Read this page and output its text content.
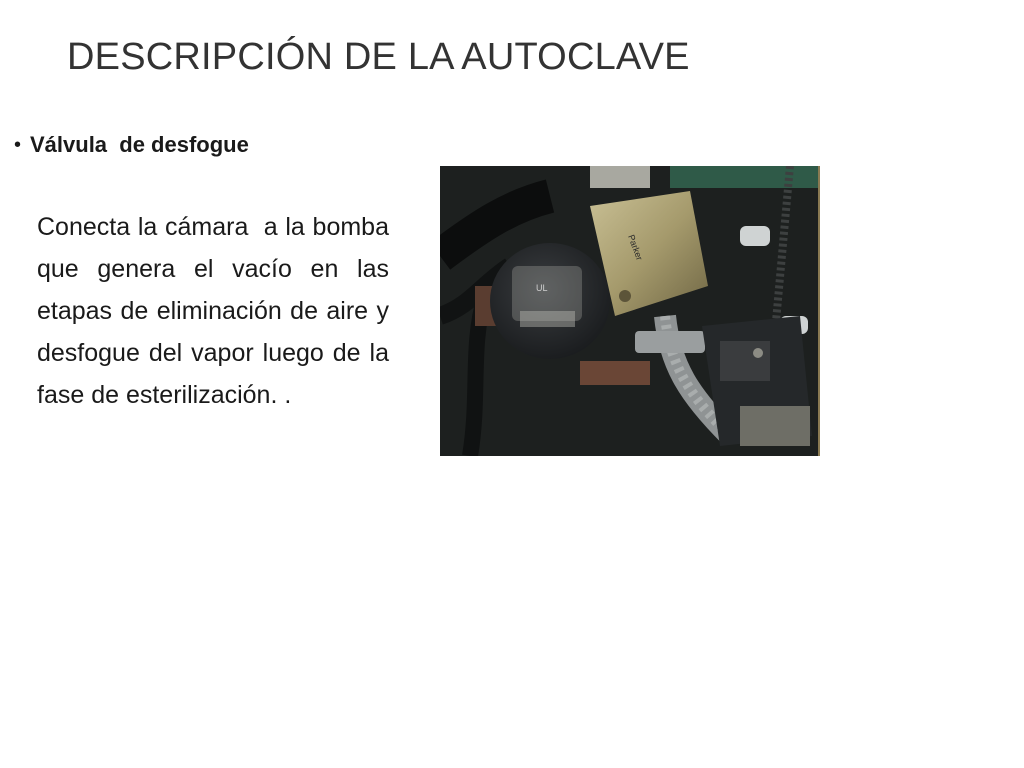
DESCRIPCIÓN DE LA AUTOCLAVE
• Válvula  de desfogue

Conecta la cámara  a la bomba que genera el vacío en las etapas de eliminación de aire y desfogue del vapor luego de la fase de esterilización. .

UL
Parker
